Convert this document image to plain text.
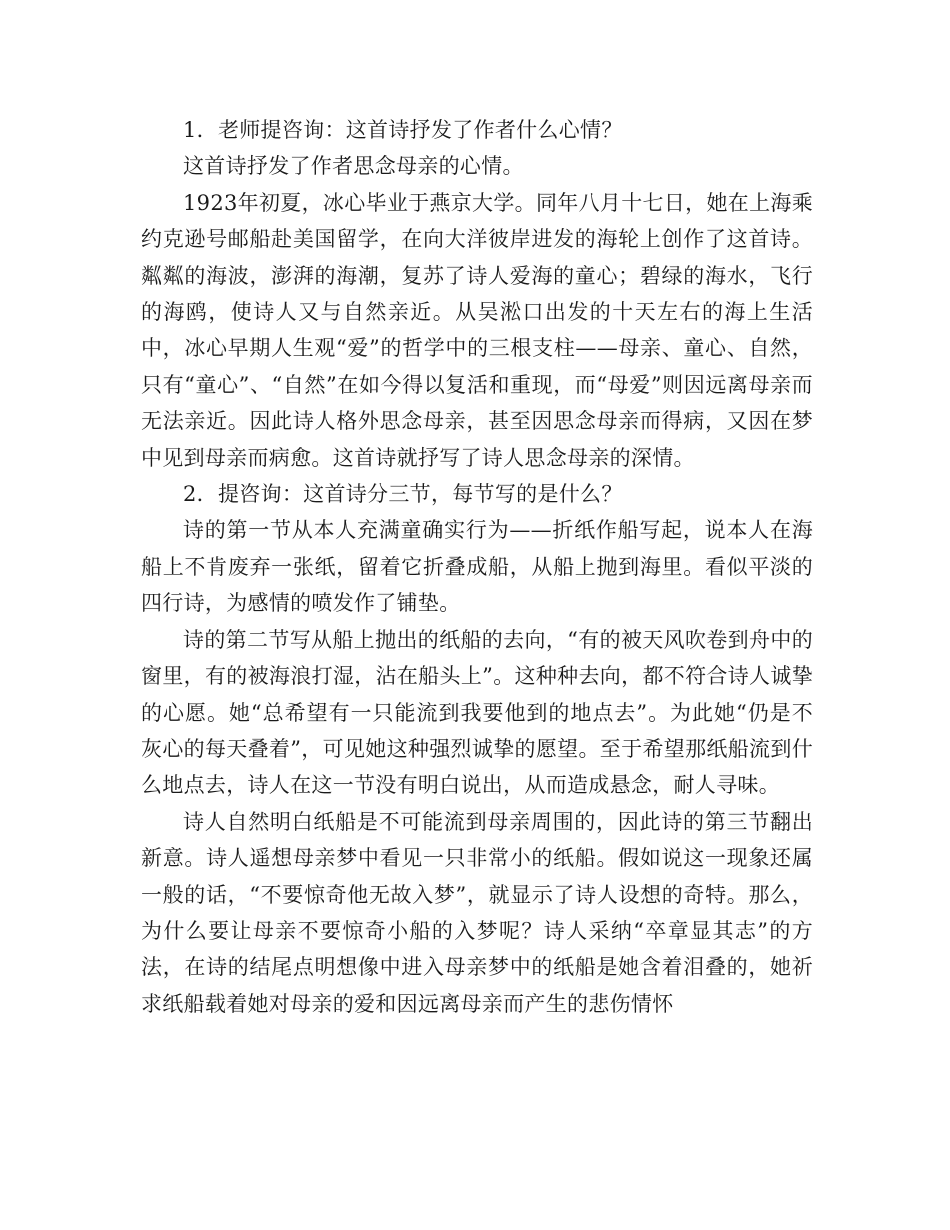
1．老师提咨询：这首诗抒发了作者什么心情？

这首诗抒发了作者思念母亲的心情。

1923年初夏，冰心毕业于燕京大学。同年八月十七日，她在上海乘约克逊号邮船赴美国留学，在向大洋彼岸进发的海轮上创作了这首诗。粼粼的海波，澎湃的海潮，复苏了诗人爱海的童心；碧绿的海水，飞行的海鸥，使诗人又与自然亲近。从吴淞口出发的十天左右的海上生活中，冰心早期人生观“爱”的哲学中的三根支柱——母亲、童心、自然，只有“童心”、“自然”在如今得以复活和重现，而“母爱”则因远离母亲而无法亲近。因此诗人格外思念母亲，甚至因思念母亲而得病，又因在梦中见到母亲而病愈。这首诗就抒写了诗人思念母亲的深情。

2．提咨询：这首诗分三节，每节写的是什么？

诗的第一节从本人充满童确实行为——折纸作船写起，说本人在海船上不肯废弃一张纸，留着它折叠成船，从船上抛到海里。看似平淡的四行诗，为感情的喷发作了铺垫。

诗的第二节写从船上抛出的纸船的去向，“有的被天风吹卷到舟中的窗里，有的被海浪打湿，沾在船头上”。这种种去向，都不符合诗人诚挚的心愿。她“总希望有一只能流到我要他到的地点去”。为此她“仍是不灰心的每天叠着”，可见她这种强烈诚挚的愿望。至于希望那纸船流到什么地点去，诗人在这一节没有明白说出，从而造成悬念，耐人寻味。

诗人自然明白纸船是不可能流到母亲周围的，因此诗的第三节翻出新意。诗人遥想母亲梦中看见一只非常小的纸船。假如说这一现象还属一般的话，“不要惊奇他无故入梦”，就显示了诗人设想的奇特。那么，为什么要让母亲不要惊奇小船的入梦呢？诗人采纳“卒章显其志”的方法，在诗的结尾点明想像中进入母亲梦中的纸船是她含着泪叠的，她祈求纸船载着她对母亲的爱和因远离母亲而产生的悲伤情怀
